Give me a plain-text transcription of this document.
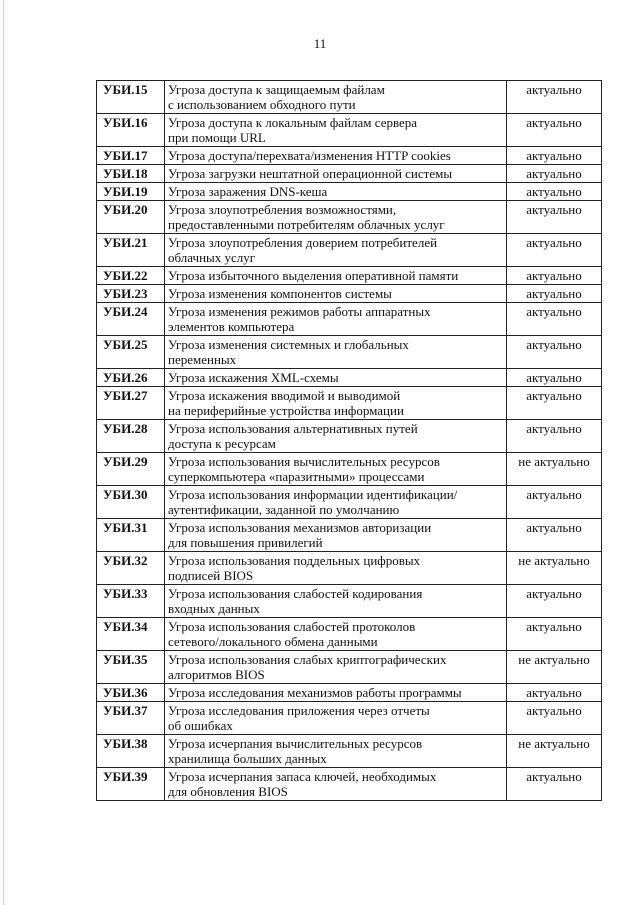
11
УБИ.15	Угроза доступа к защищаемым файлам
с использованием обходного пути	актуально
УБИ.16	Угроза доступа к локальным файлам сервера
при помощи URL	актуально
УБИ.17	Угроза доступа/перехвата/изменения HTTP cookies	актуально
УБИ.18	Угроза загрузки нештатной операционной системы	актуально
УБИ.19	Угроза заражения DNS-кеша	актуально
УБИ.20	Угроза злоупотребления возможностями,
предоставленными потребителям облачных услуг	актуально
УБИ.21	Угроза злоупотребления доверием потребителей
облачных услуг	актуально
УБИ.22	Угроза избыточного выделения оперативной памяти	актуально
УБИ.23	Угроза изменения компонентов системы	актуально
УБИ.24	Угроза изменения режимов работы аппаратных
элементов компьютера	актуально
УБИ.25	Угроза изменения системных и глобальных
переменных	актуально
УБИ.26	Угроза искажения XML-схемы	актуально
УБИ.27	Угроза искажения вводимой и выводимой
на периферийные устройства информации	актуально
УБИ.28	Угроза использования альтернативных путей
доступа к ресурсам	актуально
УБИ.29	Угроза использования вычислительных ресурсов
суперкомпьютера «паразитными» процессами	не актуально
УБИ.30	Угроза использования информации идентификации/
аутентификации, заданной по умолчанию	актуально
УБИ.31	Угроза использования механизмов авторизации
для повышения привилегий	актуально
УБИ.32	Угроза использования поддельных цифровых
подписей BIOS	не актуально
УБИ.33	Угроза использования слабостей кодирования
входных данных	актуально
УБИ.34	Угроза использования слабостей протоколов
сетевого/локального обмена данными	актуально
УБИ.35	Угроза использования слабых криптографических
алгоритмов BIOS	не актуально
УБИ.36	Угроза исследования механизмов работы программы	актуально
УБИ.37	Угроза исследования приложения через отчеты
об ошибках	актуально
УБИ.38	Угроза исчерпания вычислительных ресурсов
хранилища больших данных	не актуально
УБИ.39	Угроза исчерпания запаса ключей, необходимых
для обновления BIOS	актуально
